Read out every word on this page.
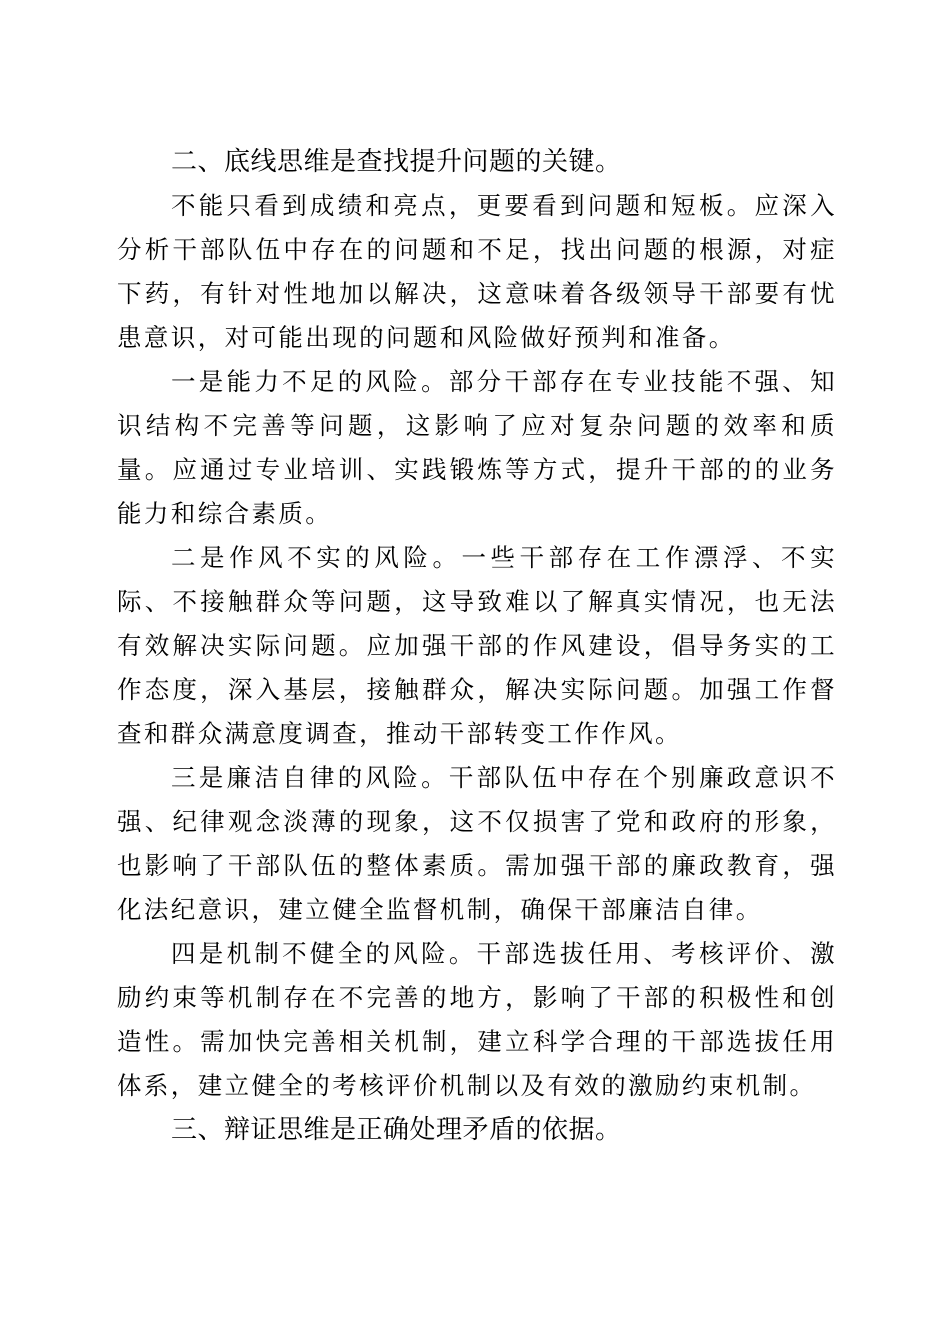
二、底线思维是查找提升问题的关键。

不能只看到成绩和亮点，更要看到问题和短板。应深入分析干部队伍中存在的问题和不足，找出问题的根源，对症下药，有针对性地加以解决，这意味着各级领导干部要有忧患意识，对可能出现的问题和风险做好预判和准备。

一是能力不足的风险。部分干部存在专业技能不强、知识结构不完善等问题，这影响了应对复杂问题的效率和质量。应通过专业培训、实践锻炼等方式，提升干部的的业务能力和综合素质。

二是作风不实的风险。一些干部存在工作漂浮、不实际、不接触群众等问题，这导致难以了解真实情况，也无法有效解决实际问题。应加强干部的作风建设，倡导务实的工作态度，深入基层，接触群众，解决实际问题。加强工作督查和群众满意度调查，推动干部转变工作作风。

三是廉洁自律的风险。干部队伍中存在个别廉政意识不强、纪律观念淡薄的现象，这不仅损害了党和政府的形象，也影响了干部队伍的整体素质。需加强干部的廉政教育，强化法纪意识，建立健全监督机制，确保干部廉洁自律。

四是机制不健全的风险。干部选拔任用、考核评价、激励约束等机制存在不完善的地方，影响了干部的积极性和创造性。需加快完善相关机制，建立科学合理的干部选拔任用体系，建立健全的考核评价机制以及有效的激励约束机制。

三、辩证思维是正确处理矛盾的依据。
